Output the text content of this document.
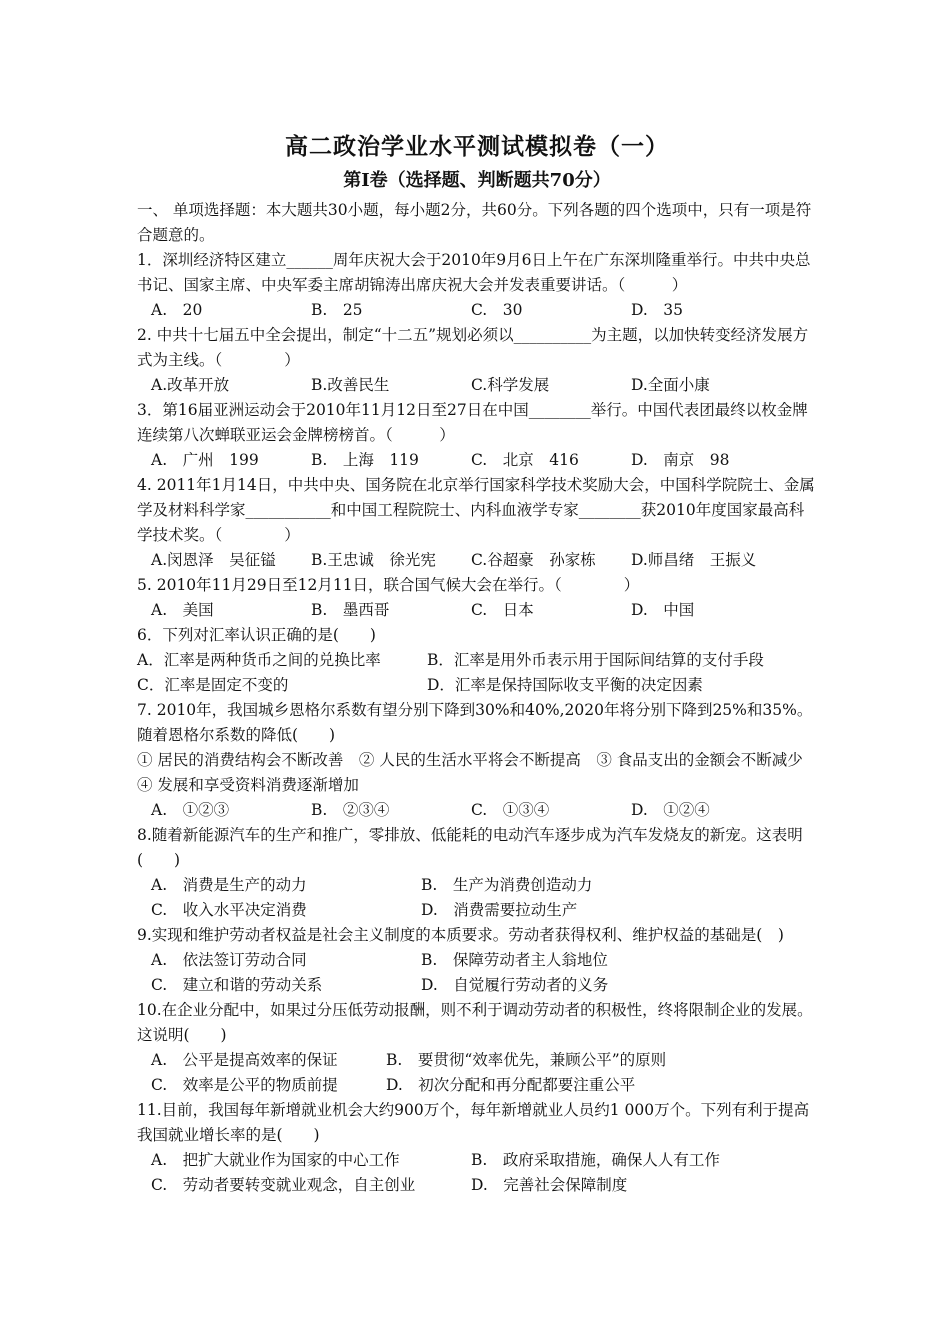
高二政治学业水平测试模拟卷（一）
第Ⅰ卷（选择题、判断题共70分）
一、 单项选择题：本大题共30小题，每小题2分，共60分。下列各题的四个选项中，只有一项是符合题意的。
1．深圳经济特区建立______周年庆祝大会于2010年9月6日上午在广东深圳隆重举行。中共中央总书记、国家主席、中央军委主席胡锦涛出席庆祝大会并发表重要讲话。（　　　）
A.　20	B.　25	C.　30	D.　35
2. 中共十七届五中全会提出，制定“十二五”规划必须以__________为主题，以加快转变经济发展方式为主线。（　　　　）
A.改革开放	B.改善民生	C.科学发展	D.全面小康
3．第16届亚洲运动会于2010年11月12日至27日在中国________举行。中国代表团最终以枚金牌连续第八次蝉联亚运会金牌榜榜首。（　　　）
A.　广州　199	B.　上海　119	C.　北京　416	D.　南京　98
4. 2011年1月14日，中共中央、国务院在北京举行国家科学技术奖励大会，中国科学院院士、金属学及材料科学家___________和中国工程院院士、内科血液学专家________获2010年度国家最高科学技术奖。（　　　　）
A.闵恩泽　吴征镒	B.王忠诚　徐光宪	C.谷超豪　孙家栋	D.师昌绪　王振义
5. 2010年11月29日至12月11日，联合国气候大会在举行。（　　　　）
A.　美国	B.　墨西哥	C.　日本	D.　中国
6．下列对汇率认识正确的是(　　)
A．汇率是两种货币之间的兑换比率	B．汇率是用外币表示用于国际间结算的支付手段
C．汇率是固定不变的	D．汇率是保持国际收支平衡的决定因素
7. 2010年，我国城乡恩格尔系数有望分别下降到30%和40%,2020年将分别下降到25%和35%。随着恩格尔系数的降低(　　)
① 居民的消费结构会不断改善　② 人民的生活水平将会不断提高　③ 食品支出的金额会不断减少　④ 发展和享受资料消费逐渐增加
A.　①②③	B.　②③④	C.　①③④	D.　①②④
8.随着新能源汽车的生产和推广，零排放、低能耗的电动汽车逐步成为汽车发烧友的新宠。这表明(　　)
A.　消费是生产的动力	B.　生产为消费创造动力
C.　收入水平决定消费	D.　消费需要拉动生产
9.实现和维护劳动者权益是社会主义制度的本质要求。劳动者获得权利、维护权益的基础是(　)
A.　依法签订劳动合同	B.　保障劳动者主人翁地位
C.　建立和谐的劳动关系	D.　自觉履行劳动者的义务
10.在企业分配中，如果过分压低劳动报酬，则不利于调动劳动者的积极性，终将限制企业的发展。这说明(　　)
A.　公平是提高效率的保证	B.　要贯彻“效率优先，兼顾公平”的原则
C.　效率是公平的物质前提	D.　初次分配和再分配都要注重公平
11.目前，我国每年新增就业机会大约900万个，每年新增就业人员约1 000万个。下列有利于提高我国就业增长率的是(　　)
A.　把扩大就业作为国家的中心工作	B.　政府采取措施，确保人人有工作
C.　劳动者要转变就业观念，自主创业	D.　完善社会保障制度
